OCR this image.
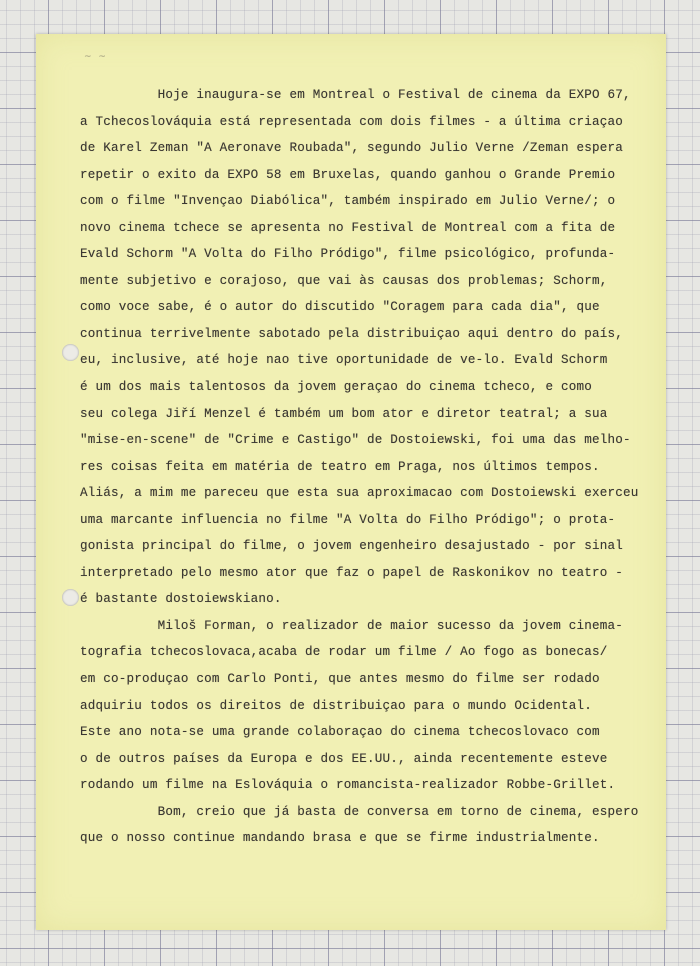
~ ~
Hoje inaugura-se em Montreal o Festival de cinema da EXPO 67,
a Tchecoslováquia está representada com dois filmes - a última criaçao
de Karel Zeman "A Aeronave Roubada", segundo Julio Verne /Zeman espera
repetir o exito da EXPO 58 em Bruxelas, quando ganhou o Grande Premio
com o filme "Invençao Diabólica", também inspirado em Julio Verne/; o
novo cinema tchece se apresenta no Festival de Montreal com a fita de
Evald Schorm "A Volta do Filho Pródigo", filme psicológico, profunda-
mente subjetivo e corajoso, que vai às causas dos problemas; Schorm,
como voce sabe, é o autor do discutido "Coragem para cada dia", que
continua terrivelmente sabotado pela distribuiçao aqui dentro do país,
eu, inclusive, até hoje nao tive oportunidade de ve-lo. Evald Schorm
é um dos mais talentosos da jovem geraçao do cinema tcheco, e como
seu colega Jiří Menzel é também um bom ator e diretor teatral; a sua
"mise-en-scene" de "Crime e Castigo" de Dostoiewski, foi uma das melho-
res coisas feita em matéria de teatro em Praga, nos últimos tempos.
Aliás, a mim me pareceu que esta sua aproximacao com Dostoiewski exerceu
uma marcante influencia no filme "A Volta do Filho Pródigo"; o prota-
gonista principal do filme, o jovem engenheiro desajustado - por sinal
interpretado pelo mesmo ator que faz o papel de Raskonikov no teatro -
é bastante dostoiewskiano.
Miloš Forman, o realizador de maior sucesso da jovem cinema-
tografia tchecoslovaca,acaba de rodar um filme / Ao fogo as bonecas/
em co-produçao com Carlo Ponti, que antes mesmo do filme ser rodado
adquiriu todos os direitos de distribuiçao para o mundo Ocidental.
Este ano nota-se uma grande colaboraçao do cinema tchecoslovaco com
o de outros países da Europa e dos EE.UU., ainda recentemente esteve
rodando um filme na Eslováquia o romancista-realizador Robbe-Grillet.
Bom, creio que já basta de conversa em torno de cinema, espero
que o nosso continue mandando brasa e que se firme industrialmente.
